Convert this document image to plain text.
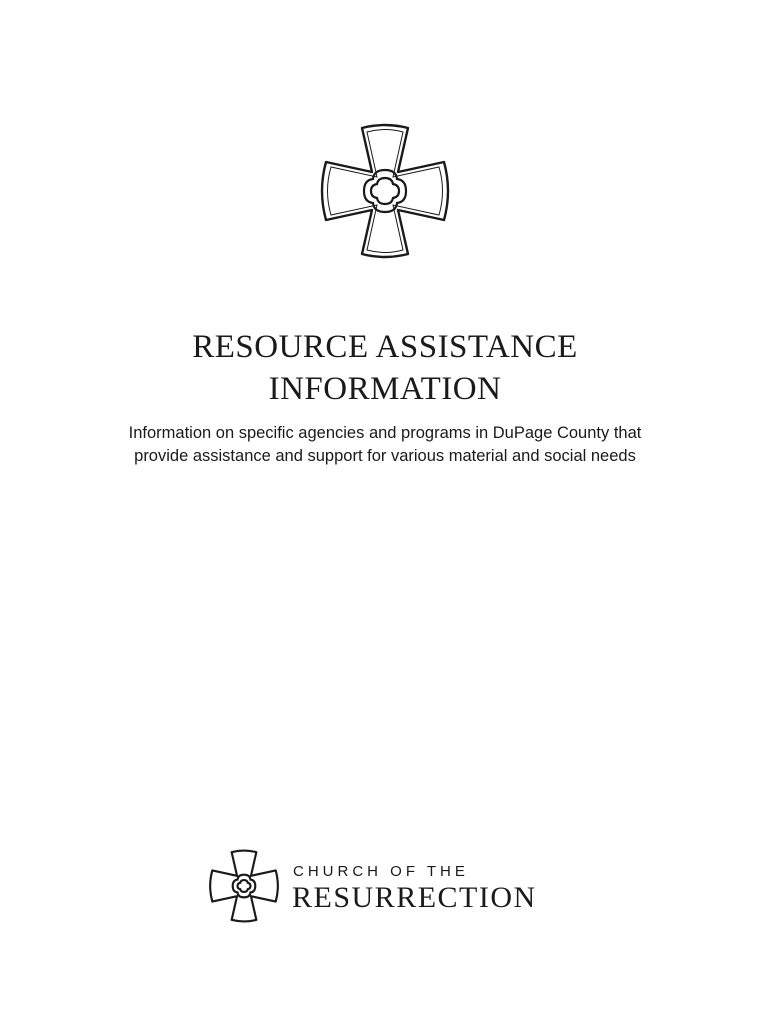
RESOURCE ASSISTANCE
INFORMATION
Information on specific agencies and programs in DuPage County that
provide assistance and support for various material and social needs
CHURCH OF THE
RESURRECTION
